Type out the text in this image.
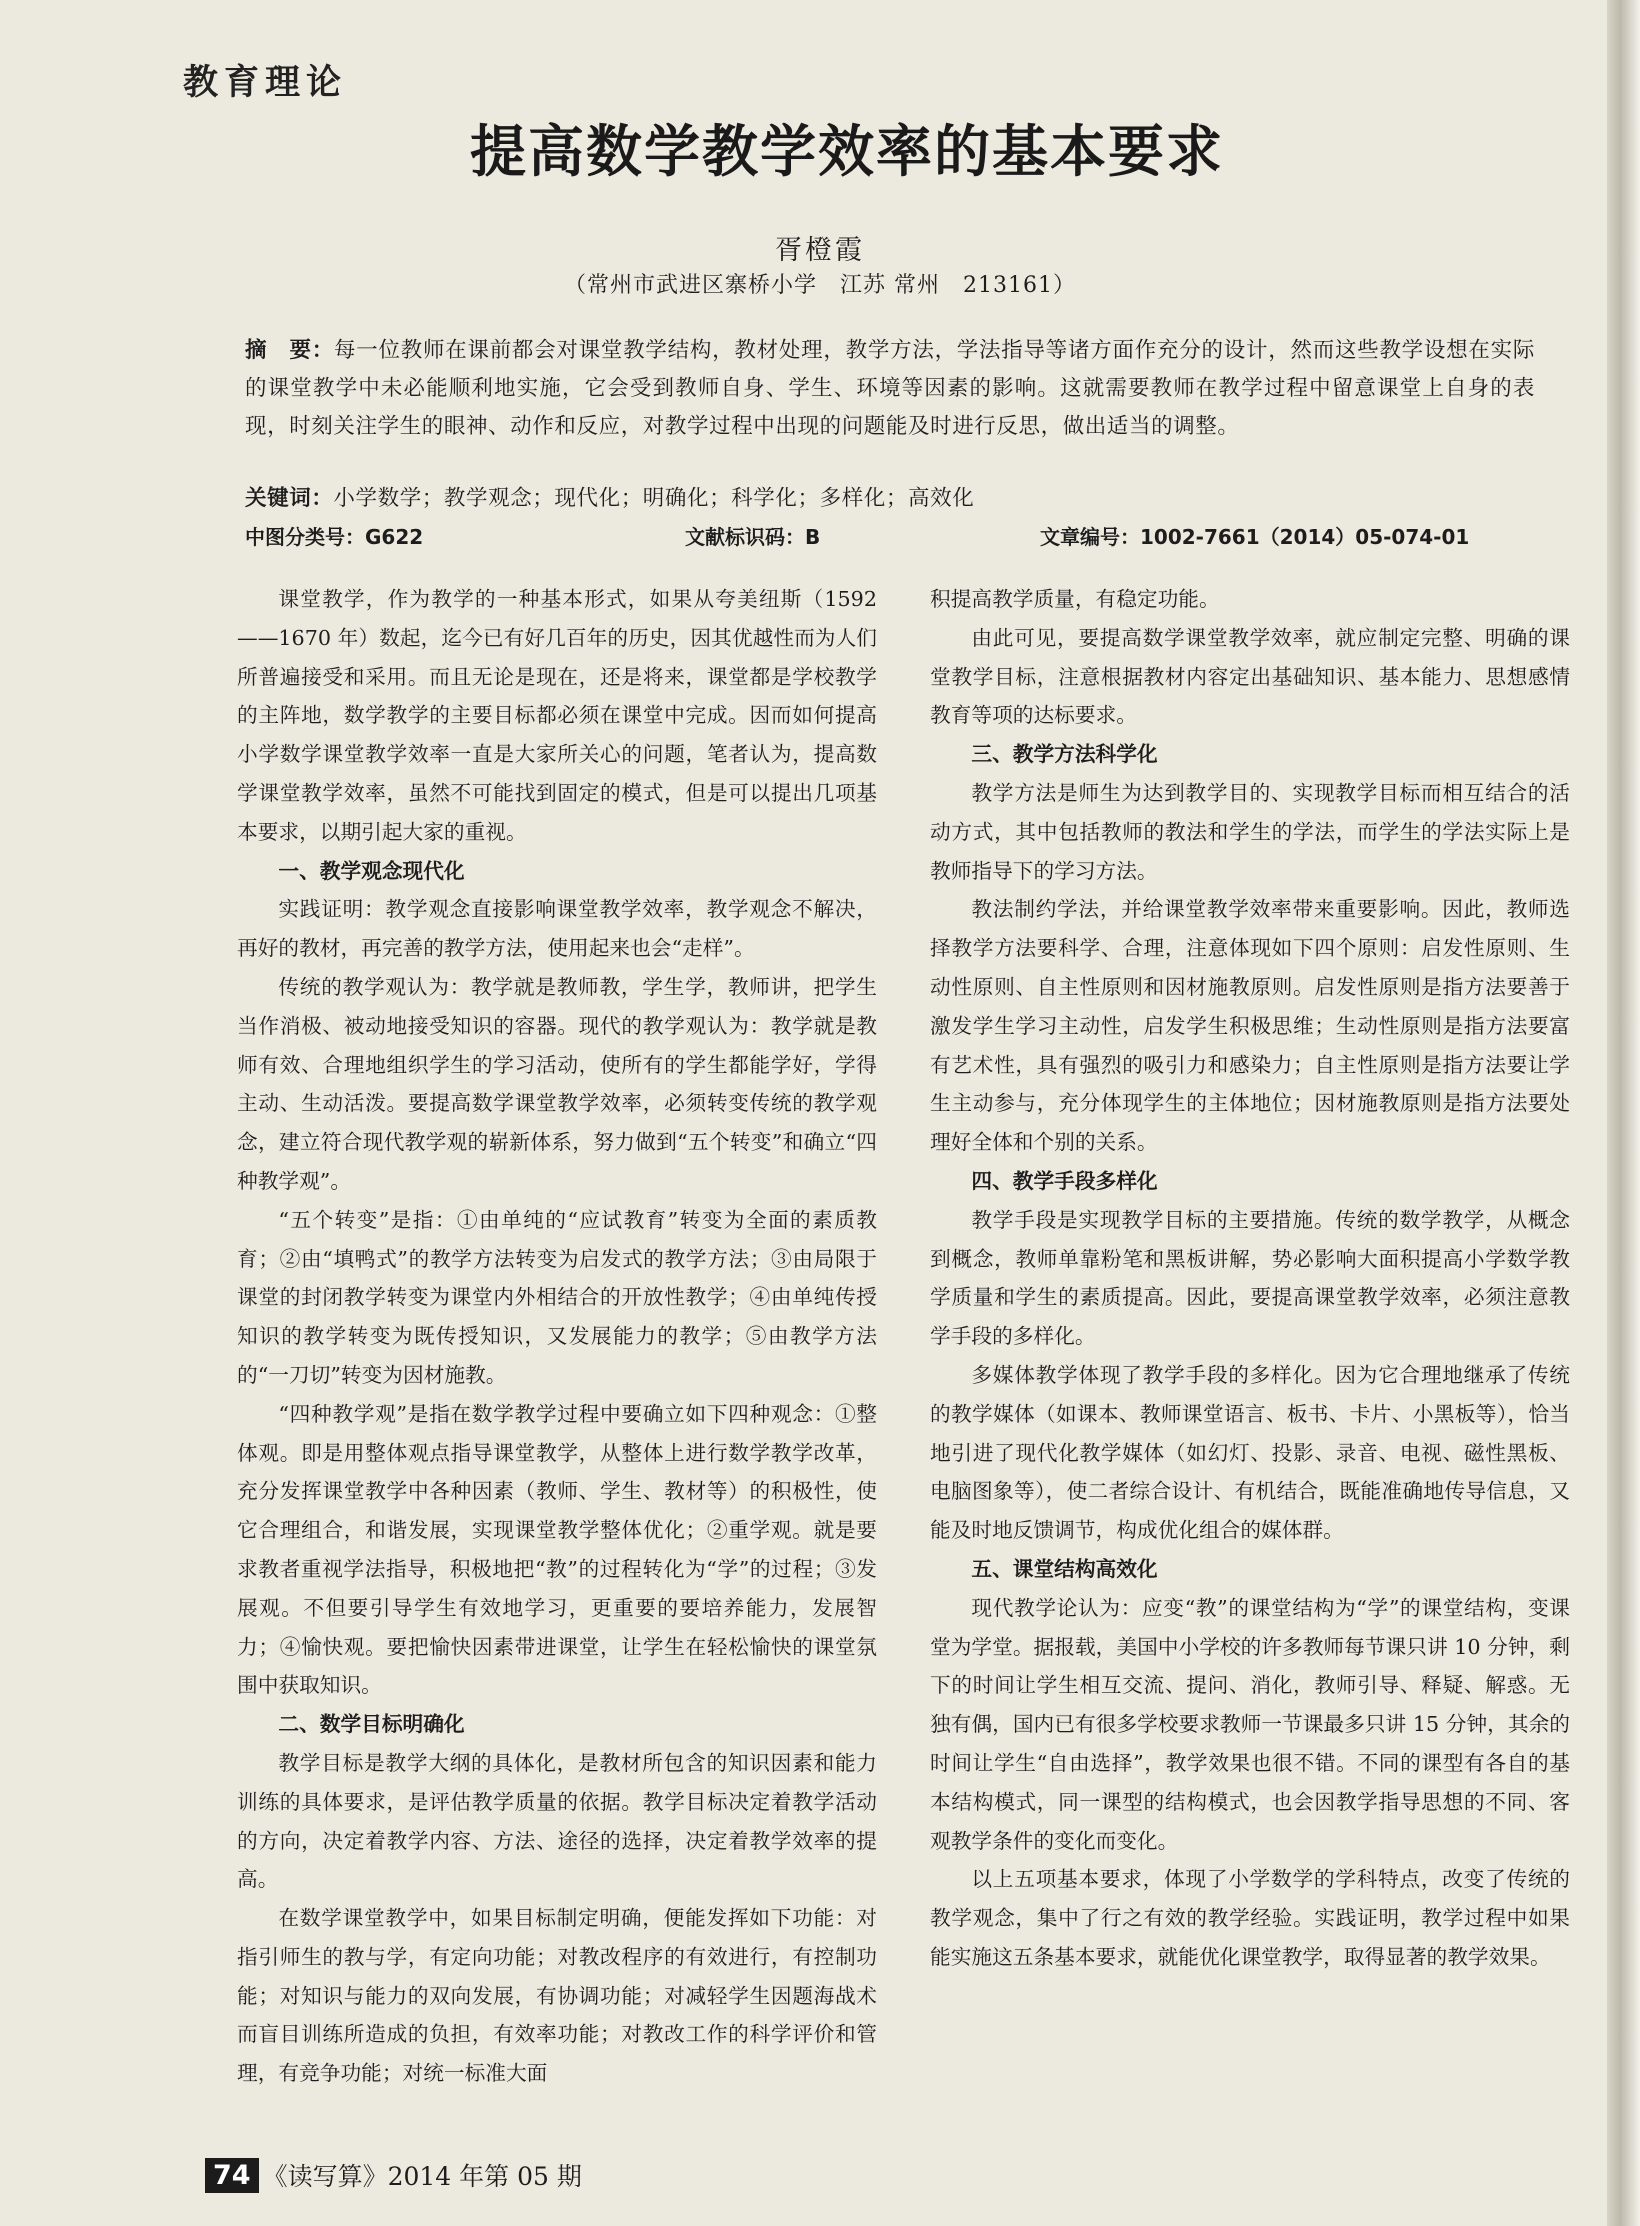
教育理论
提高数学教学效率的基本要求
胥橙霞
（常州市武进区寨桥小学　江苏 常州　213161）
摘　要：每一位教师在课前都会对课堂教学结构，教材处理，教学方法，学法指导等诸方面作充分的设计，然而这些教学设想在实际的课堂教学中未必能顺利地实施，它会受到教师自身、学生、环境等因素的影响。这就需要教师在教学过程中留意课堂上自身的表现，时刻关注学生的眼神、动作和反应，对教学过程中出现的问题能及时进行反思，做出适当的调整。
关键词：小学数学；教学观念；现代化；明确化；科学化；多样化；高效化
中图分类号：G622	文献标识码：B	文章编号：1002-7661（2014）05-074-01

课堂教学，作为教学的一种基本形式，如果从夸美纽斯（1592——1670 年）数起，迄今已有好几百年的历史，因其优越性而为人们所普遍接受和采用。而且无论是现在，还是将来，课堂都是学校教学的主阵地，数学教学的主要目标都必须在课堂中完成。因而如何提高小学数学课堂教学效率一直是大家所关心的问题，笔者认为，提高数学课堂教学效率，虽然不可能找到固定的模式，但是可以提出几项基本要求，以期引起大家的重视。

一、教学观念现代化

实践证明：教学观念直接影响课堂教学效率，教学观念不解决，再好的教材，再完善的教学方法，使用起来也会“走样”。

传统的教学观认为：教学就是教师教，学生学，教师讲，把学生当作消极、被动地接受知识的容器。现代的教学观认为：教学就是教师有效、合理地组织学生的学习活动，使所有的学生都能学好，学得主动、生动活泼。要提高数学课堂教学效率，必须转变传统的教学观念，建立符合现代教学观的崭新体系，努力做到“五个转变”和确立“四种教学观”。

“五个转变”是指：①由单纯的“应试教育”转变为全面的素质教育；②由“填鸭式”的教学方法转变为启发式的教学方法；③由局限于课堂的封闭教学转变为课堂内外相结合的开放性教学；④由单纯传授知识的教学转变为既传授知识，又发展能力的教学；⑤由教学方法的“一刀切”转变为因材施教。

“四种教学观”是指在数学教学过程中要确立如下四种观念：①整体观。即是用整体观点指导课堂教学，从整体上进行数学教学改革，充分发挥课堂教学中各种因素（教师、学生、教材等）的积极性，使它合理组合，和谐发展，实现课堂教学整体优化；②重学观。就是要求教者重视学法指导，积极地把“教”的过程转化为“学”的过程；③发展观。不但要引导学生有效地学习，更重要的要培养能力，发展智力；④愉快观。要把愉快因素带进课堂，让学生在轻松愉快的课堂氛围中获取知识。

二、数学目标明确化

教学目标是教学大纲的具体化，是教材所包含的知识因素和能力训练的具体要求，是评估教学质量的依据。教学目标决定着教学活动的方向，决定着教学内容、方法、途径的选择，决定着教学效率的提高。

在数学课堂教学中，如果目标制定明确，便能发挥如下功能：对指引师生的教与学，有定向功能；对教改程序的有效进行，有控制功能；对知识与能力的双向发展，有协调功能；对减轻学生因题海战术而盲目训练所造成的负担，有效率功能；对教改工作的科学评价和管理，有竞争功能；对统一标准大面

积提高教学质量，有稳定功能。

由此可见，要提高数学课堂教学效率，就应制定完整、明确的课堂教学目标，注意根据教材内容定出基础知识、基本能力、思想感情教育等项的达标要求。

三、教学方法科学化

教学方法是师生为达到教学目的、实现教学目标而相互结合的活动方式，其中包括教师的教法和学生的学法，而学生的学法实际上是教师指导下的学习方法。

教法制约学法，并给课堂教学效率带来重要影响。因此，教师选择教学方法要科学、合理，注意体现如下四个原则：启发性原则、生动性原则、自主性原则和因材施教原则。启发性原则是指方法要善于激发学生学习主动性，启发学生积极思维；生动性原则是指方法要富有艺术性，具有强烈的吸引力和感染力；自主性原则是指方法要让学生主动参与，充分体现学生的主体地位；因材施教原则是指方法要处理好全体和个别的关系。

四、教学手段多样化

教学手段是实现教学目标的主要措施。传统的数学教学，从概念到概念，教师单靠粉笔和黑板讲解，势必影响大面积提高小学数学教学质量和学生的素质提高。因此，要提高课堂教学效率，必须注意教学手段的多样化。

多媒体教学体现了教学手段的多样化。因为它合理地继承了传统的教学媒体（如课本、教师课堂语言、板书、卡片、小黑板等），恰当地引进了现代化教学媒体（如幻灯、投影、录音、电视、磁性黑板、电脑图象等），使二者综合设计、有机结合，既能准确地传导信息，又能及时地反馈调节，构成优化组合的媒体群。

五、课堂结构高效化

现代教学论认为：应变“教”的课堂结构为“学”的课堂结构，变课堂为学堂。据报载，美国中小学校的许多教师每节课只讲 10 分钟，剩下的时间让学生相互交流、提问、消化，教师引导、释疑、解惑。无独有偶，国内已有很多学校要求教师一节课最多只讲 15 分钟，其余的时间让学生“自由选择”，教学效果也很不错。不同的课型有各自的基本结构模式，同一课型的结构模式，也会因教学指导思想的不同、客观教学条件的变化而变化。

以上五项基本要求，体现了小学数学的学科特点，改变了传统的教学观念，集中了行之有效的教学经验。实践证明，教学过程中如果能实施这五条基本要求，就能优化课堂教学，取得显著的教学效果。

74 《读写算》2014 年第 05 期
